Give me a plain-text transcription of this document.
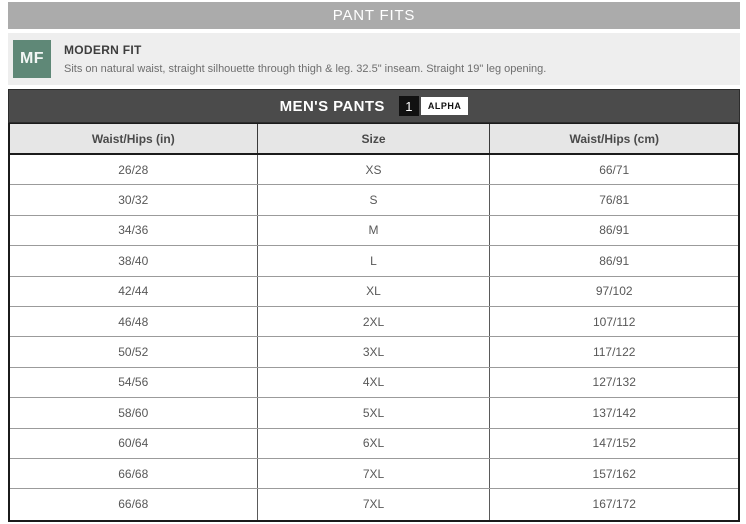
PANT FITS
MF	MODERN FIT
Sits on natural waist, straight silhouette through thigh & leg. 32.5" inseam. Straight 19" leg opening.
MEN'S PANTS	1	ALPHA
Waist/Hips (in)	Size	Waist/Hips (cm)
26/28	XS	66/71
30/32	S	76/81
34/36	M	86/91
38/40	L	86/91
42/44	XL	97/102
46/48	2XL	107/112
50/52	3XL	117/122
54/56	4XL	127/132
58/60	5XL	137/142
60/64	6XL	147/152
66/68	7XL	157/162
66/68	7XL	167/172
